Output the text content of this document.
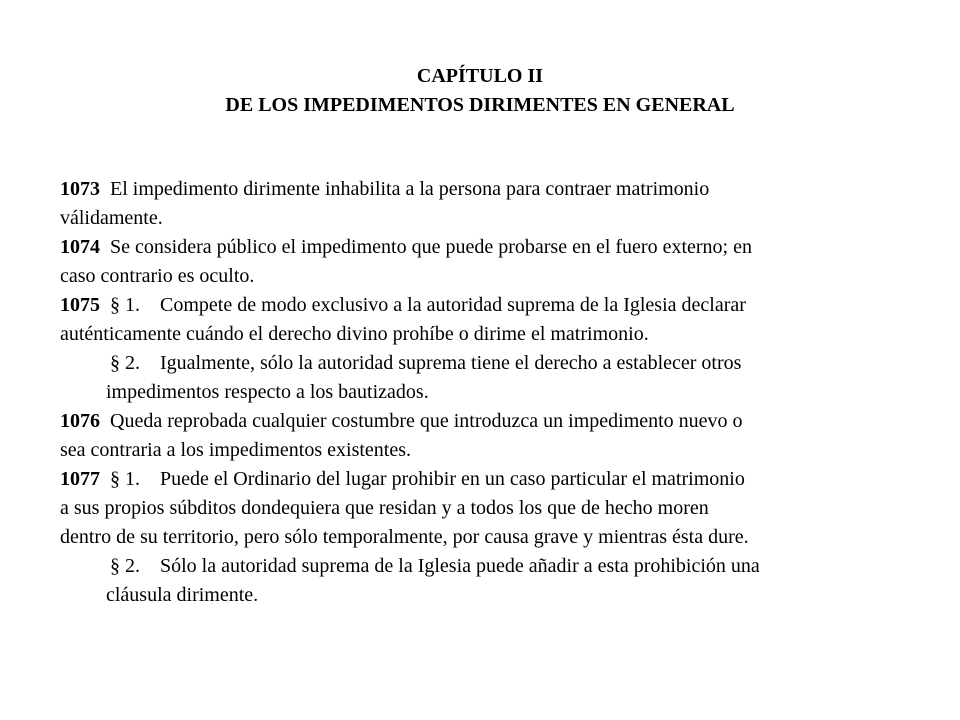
CAPÍTULO II
DE LOS IMPEDIMENTOS DIRIMENTES EN GENERAL
1073 El impedimento dirimente inhabilita a la persona para contraer matrimonio
válidamente.
1074 Se considera público el impedimento que puede probarse en el fuero externo; en
caso contrario es oculto.
1075 § 1. Compete de modo exclusivo a la autoridad suprema de la Iglesia declarar
auténticamente cuándo el derecho divino prohíbe o dirime el matrimonio.
§ 2. Igualmente, sólo la autoridad suprema tiene el derecho a establecer otros
impedimentos respecto a los bautizados.
1076 Queda reprobada cualquier costumbre que introduzca un impedimento nuevo o
sea contraria a los impedimentos existentes.
1077 § 1. Puede el Ordinario del lugar prohibir en un caso particular el matrimonio
a sus propios súbditos dondequiera que residan y a todos los que de hecho moren
dentro de su territorio, pero sólo temporalmente, por causa grave y mientras ésta dure.
§ 2. Sólo la autoridad suprema de la Iglesia puede añadir a esta prohibición una
cláusula dirimente.
